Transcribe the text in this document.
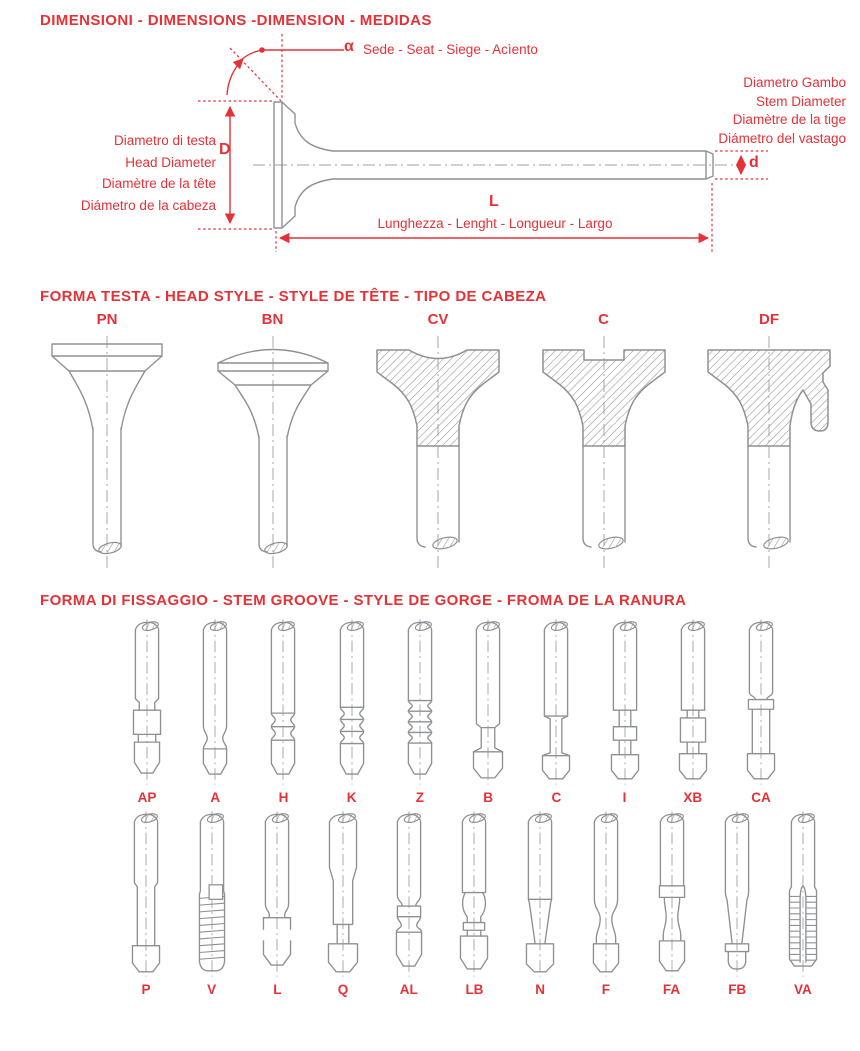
DIMENSIONI - DIMENSIONS -DIMENSION - MEDIDAS
α Sede - Seat - Siege - Acìento
Diametro di testa
Head Diameter
Diamètre de la tête
Diámetro de la cabeza
D
Diametro Gambo
Stem Diameter
Diamètre de la tige
Diámetro del vastago
d
L
Lunghezza - Lenght - Longueur - Largo
FORMA TESTA - HEAD STYLE - STYLE DE TÊTE - TIPO DE CABEZA
PN	BN	CV	C	DF
FORMA DI FISSAGGIO - STEM GROOVE - STYLE DE GORGE - FROMA DE LA RANURA
AP	A	H	K	Z	B	C	I	XB	CA
P	V	L	Q	AL	LB	N	F	FA	FB	VA
